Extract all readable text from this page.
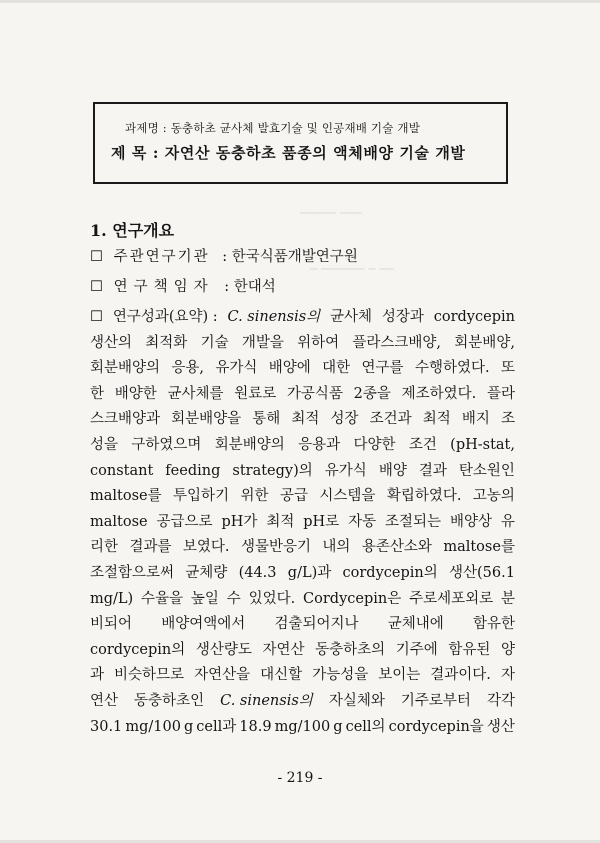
━━━━━ ━━━
━ ━━━━━━ ━ ━━
과제명 : 동충하초 균사체 발효기술 및 인공재배 기술 개발
제 목 : 자연산 동충하초 품종의 액체배양 기술 개발
1. 연구개요
☐ 주관연구기관 : 한국식품개발연구원
☐ 연구책임자 : 한대석
☐ 연구성과(요약) : C. sinensis의 균사체 성장과 cordycepin
생산의 최적화 기술 개발을 위하여 플라스크배양, 회분배양,
회분배양의 응용, 유가식 배양에 대한 연구를 수행하였다. 또
한 배양한 균사체를 원료로 가공식품 2종을 제조하였다. 플라
스크배양과 회분배양을 통해 최적 성장 조건과 최적 배지 조
성을 구하였으며 회분배양의 응용과 다양한 조건 (pH-stat,
constant feeding strategy)의 유가식 배양 결과 탄소원인
maltose를 투입하기 위한 공급 시스템을 확립하였다. 고농의
maltose 공급으로 pH가 최적 pH로 자동 조절되는 배양상 유
리한 결과를 보였다. 생물반응기 내의 용존산소와 maltose를
조절함으로써 균체량 (44.3 g/L)과 cordycepin의 생산(56.1
mg/L) 수율을 높일 수 있었다. Cordycepin은 주로세포외로 분
비되어 배양여액에서 검출되어지나 균체내에 함유한
cordycepin의 생산량도 자연산 동충하초의 기주에 함유된 양
과 비슷하므로 자연산을 대신할 가능성을 보이는 결과이다. 자
연산 동충하초인 C. sinensis의 자실체와 기주로부터 각각
30.1 mg/100 g cell과 18.9 mg/100 g cell의 cordycepin을 생산
- 219 -
